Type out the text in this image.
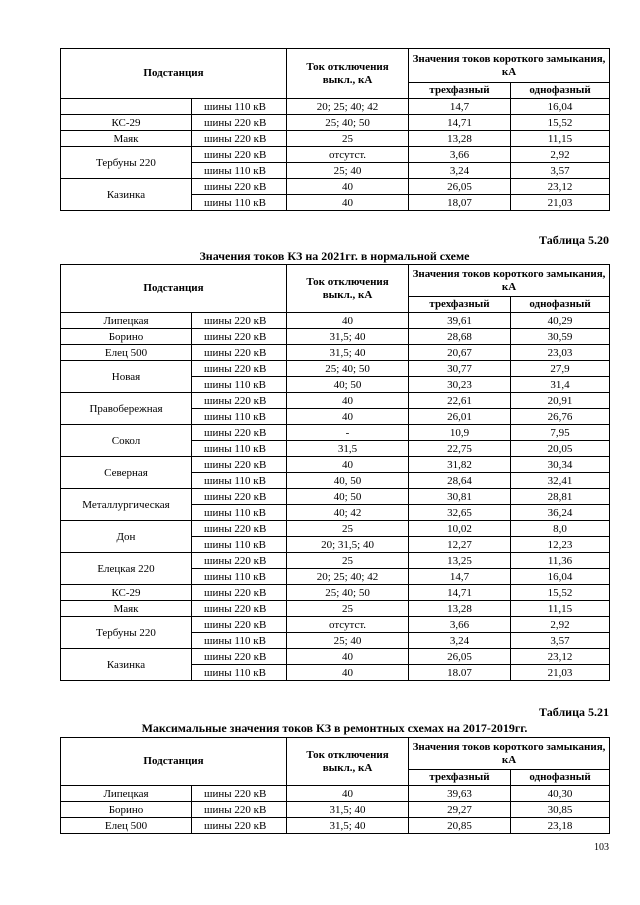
Подстанция		Ток отключения выкл., кА	Значения токов короткого замыкания, кА	
			трехфазный	однофазный
	шины 110 кВ	20; 25; 40; 42	14,7	16,04
КС-29	шины 220 кВ	25; 40; 50	14,71	15,52
Маяк	шины 220 кВ	25	13,28	11,15
Тербуны 220	шины 220 кВ	отсутст.	3,66	2,92
	шины 110 кВ	25; 40	3,24	3,57
Казинка	шины 220 кВ	40	26,05	23,12
	шины 110 кВ	40	18,07	21,03
Таблица 5.20
Значения токов КЗ на 2021гг. в нормальной схеме
Подстанция		Ток отключения выкл., кА	Значения токов короткого замыкания, кА	
			трехфазный	однофазный
Липецкая	шины 220 кВ	40	39,61	40,29
Борино	шины 220 кВ	31,5; 40	28,68	30,59
Елец 500	шины 220 кВ	31,5; 40	20,67	23,03
Новая	шины 220 кВ	25; 40; 50	30,77	27,9
	шины 110 кВ	40; 50	30,23	31,4
Правобережная	шины 220 кВ	40	22,61	20,91
	шины 110 кВ	40	26,01	26,76
Сокол	шины 220 кВ	-	10,9	7,95
	шины 110 кВ	31,5	22,75	20,05
Северная	шины 220 кВ	40	31,82	30,34
	шины 110 кВ	40, 50	28,64	32,41
Металлургическая	шины 220 кВ	40; 50	30,81	28,81
	шины 110 кВ	40; 42	32,65	36,24
Дон	шины 220 кВ	25	10,02	8,0
	шины 110 кВ	20; 31,5; 40	12,27	12,23
Елецкая 220	шины 220 кВ	25	13,25	11,36
	шины 110 кВ	20; 25; 40; 42	14,7	16,04
КС-29	шины 220 кВ	25; 40; 50	14,71	15,52
Маяк	шины 220 кВ	25	13,28	11,15
Тербуны 220	шины 220 кВ	отсутст.	3,66	2,92
	шины 110 кВ	25; 40	3,24	3,57
Казинка	шины 220 кВ	40	26,05	23,12
	шины 110 кВ	40	18.07	21,03
Таблица 5.21
Максимальные значения токов КЗ в ремонтных схемах на 2017-2019гг.
Подстанция		Ток отключения выкл., кА	Значения токов короткого замыкания, кА	
			трехфазный	однофазный
Липецкая	шины 220 кВ	40	39,63	40,30
Борино	шины 220 кВ	31,5; 40	29,27	30,85
Елец 500	шины 220 кВ	31,5; 40	20,85	23,18
103
